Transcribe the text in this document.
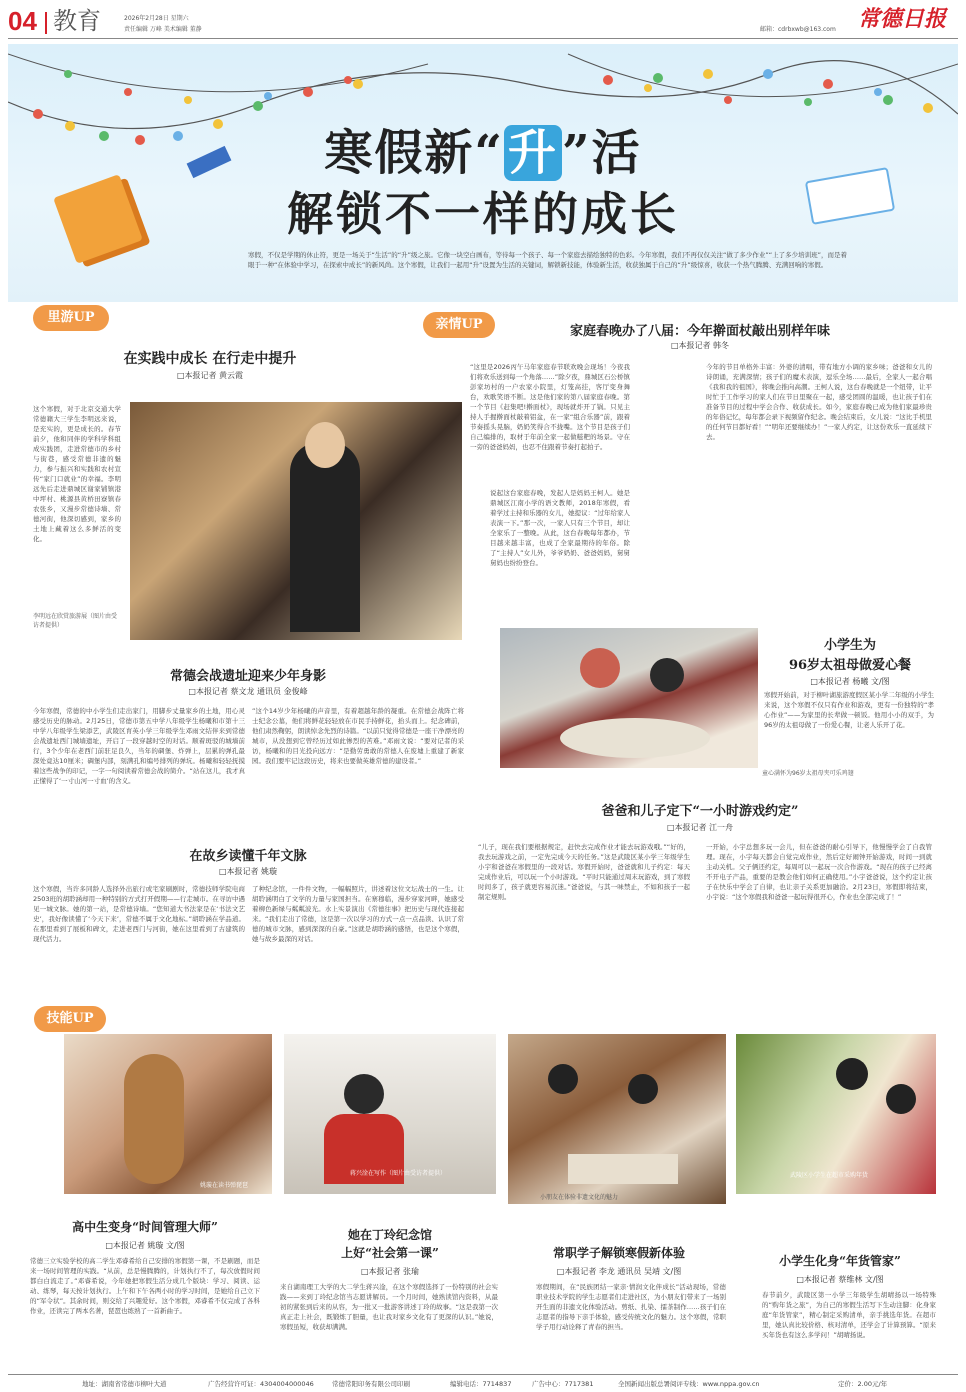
04 教育	2026年2月28日 星期六
责任编辑 万峰 美术编辑 董静	邮箱：cdrbxwb@163.com 常德日报
寒假新“升”活
解锁不一样的成长
寒假，不仅是学期的休止符，更是一场关于“生活”的“升”级之旅。它像一块空白画布，等待每一个孩子、每一个家庭去描绘独特的色彩。今年寒假，我们不再仅仅关注“做了多少作业”“上了多少培训班”，而是着眼于一种“在体验中学习，在探索中成长”的新风尚。这个寒假，让我们一起用“升”设置为生活的关键词，解锁新技能，体验新生活，收获独属于自己的“升”级惊喜，收获一个热气腾腾、充满回响的寒假。
里游UP	亲情UP
技能UP
在实践中成长 在行走中提升
□本报记者 黄云霞
这个寒假，对于北京交通大学常德籍大三学生李明远来说，是充实的，更是成长的。春节前夕，他和同伴的学科学科组成实践团，走进常德市的乡村与街巷，感受常德非遗的魅力，参与振兴和实践和农村宣传“家门口就业”的幸福。李明远先后走进鼎城区谢家铺镇港中坪村、桃源县黄桥田寮镇春农张乡，又漫步常德诗墙、常德河街，他深切感到，家乡的土地上藏着这么多鲜活的变化。
李明远在欣赏旅游展（图片由受访者提供）
常德会战遗址迎来少年身影
□本报记者 蔡文龙 通讯员 金俊峰
今年寒假，常德的中小学生们走出家门，用脚步丈量家乡的土地，用心灵感受历史的脉动。2月25日，常德市第五中学八年级学生杨曦和市第十三中学八年级学生梁添艺，武陵区育英小学三年级学生邓雨文结伴来到常德会战遗址西门城墙遗址，开启了一段穿越时空的对话。顺着斑驳的城墙前行，3个少年在老西门前驻足良久，当年的碉堡、炸弹上，层累的弹孔最深处竟达10厘米；碉堡内部，刻满孔和编号排列的弹坑。杨曦和轻轻抚摸着这些战争的印记，一字一句阅读着常德会战的简介。“站在这儿，我才真正懂得了‘一寸山河一寸血’的含义。
”这个14岁少年杨曦的声音里，有着超越年龄的凝重。在常德会战阵亡将士纪念公墓，他们将鲜花轻轻放在市民手持鲜花，抬头而上。纪念碑前，他们肃然鞠躬，朗读悼念先烈的诗篇。“以前只觉得常德是一座干净漂亮的城市，从没想到它曾经历过如此惨烈的苦难。”邓雨文说：“要对记者的采访，杨曦和的目光投向远方：“是勤劳勇敢的常德人在废墟上重建了新家园。我们要牢记这段历史，将来也要做英雄常德的建设者。”
在故乡读懂千年文脉
□本报记者 姚璇
这个寒假，当许多同龄人选择外出旅行或宅家刷剧时，常德技师学院电商2503班的胡聆涵却用一种特别的方式打开假期——行走城市。在寻访中遇见一城文脉。她的第一站，是常德诗墙。“您知道大书法家是在‘书法文艺史’，我好像读懂了‘今天下来’，常德不属于文化地标。”胡聆涵在学品道。在那里看到了展板和碑文，走进老西门与河街，她在这里看到了古建筑的现代活力。
了种纪念馆，一件件文物，一幅幅照片，讲述着这位文坛战士的一生。让胡聆涵明白了文学的力量与家国担当。在寨穆临，漫步穿家河畔，她感受着柳色新绿与粼粼波光。水上实景演出《常德往事》把历史与现代连接起来。“我们走出了常德，这是第一次以学习的方式一点一点品读、认识了常德的城市文脉，感到深深的自豪。”这就是胡聆涵的感悟，也是这个寒假，她与故乡最深的对话。
家庭春晚办了八届：今年擀面杖敲出别样年味
□本报记者 韩冬
“这里是2026丙午马年家庭春节联欢晚会现场！今夜我们将欢乐送到每一个角落……”除夕夜，鼎城区石公桥镇彭家坊村的一户农家小院里，灯笼高挂，客厅变身舞台，欢歌笑语不断。这是他们家的第八届家庭春晚。第一个节目《赶集吧!擀面杖》，现场就炸开了锅。只见主持人手握擀面杖敲着铝盆，在一家“组合乐器”前，跟着节奏摇头晃脑，奶奶笑得合不拢嘴。这个节目是孩子们自己编排的，取材于年前全家一起做糍粑的场景。守在一旁的爸爸妈妈，也忍不住跟着节奏打起拍子。
说起这台家庭春晚，发起人是妈妈王柯人。她是鼎城区江南小学的语文教师，2018年寒假，看着学过主持和乐器的女儿，她提议：“过年给家人表演一下。”那一次，一家人只有三个节目，却让全家乐了一整晚。从此，这台春晚每年都办，节目越来越丰富，也成了全家最期待的年俗。除了“主持人”女儿外，爷爷奶奶、爸爸妈妈，舅舅舅妈也纷纷登台。
今年的节目单格外丰富：外婆的清唱，带有地方小调的家乡味；爸爸和女儿的诗朗诵，充满深情；孩子们的魔术表演，逗乐全场……最后，全家人一起合唱《我和我的祖国》，将晚会推向高潮。王柯人说，这台春晚就是一个纽带，让平时忙于工作学习的家人们在节日里聚在一起，感受团圆的温暖，也让孩子们在准备节目的过程中学会合作、收获成长。如今，家庭春晚已成为他们家最珍贵的年俗记忆，每年都会录下视频留作纪念。晚会结束后，女儿说：“这比手机里的任何节目都好看！”“明年还要继续办！”一家人约定，让这份欢乐一直延续下去。
童心满怀为96岁太祖母夹可乐鸡翅
小学生为
96岁太祖母做爱心餐
□本报记者 杨曦 文/图
寒假开始前，对于柳叶湖旅游度假区某小学二年级的小学生来说，这个寒假不仅只有作业和游戏，更有一份独特的“孝心作业”——为家里的长辈做一顿饭。他用小小的双手，为96岁的太祖母做了一份爱心餐，让老人乐开了花。
爸爸和儿子定下“一小时游戏约定”
□本报记者 江一舟
“儿子，现在我们要根据规定，赶快去完成作业才能去玩游戏哦。”“好的，我去玩游戏之前，一定先完成今天的任务。”这是武陵区某小学三年级学生小宇和爸爸在寒假里的一段对话。寒假开始时，爸爸就和儿子约定：每天完成作业后，可以玩一个小时游戏。“平时只能通过周末玩游戏，到了寒假时间多了，孩子就更容易沉迷。”爸爸说，与其一味禁止，不如和孩子一起制定规则。
一开始，小宇总想多玩一会儿，但在爸爸的耐心引导下，他慢慢学会了自我管理。现在，小宇每天都会自觉完成作业，然后定好闹钟开始游戏，时间一到就主动关机。父子俩还约定，每周可以一起玩一次合作游戏。“现在的孩子已经离不开电子产品，重要的是教会他们如何正确使用。”小宇爸爸说，这个约定让孩子在快乐中学会了自律，也让亲子关系更加融洽。2月23日，寒假即将结束，小宇说：“这个寒假我和爸爸一起玩得很开心，作业也全部完成了！”
姚璇在读书弹琵琶
蒋兴淦在写作（图片由受访者提供）
小朋友在体验非遗文化的魅力
武陵区小学生在超市采购年货
高中生变身“时间管理大师”
□本报记者 姚璇 文/图
常德三立实验学校的高二学生邓睿希给自己安排的寒假第一课，不是刷题，而是来一场时间管理的实践。“从前，总是慢腾腾的，计划执行不了，每次放假时间都白白流走了。”邓睿希说，今年她把寒假生活分成几个版块：学习、阅读、运动、练琴，每天按计划执行。上午和下午各两小时的学习时间，是她给自己立下的“军令状”。其余时间，则交给了兴趣爱好。这个寒假，邓睿希不仅完成了各科作业，还读完了两本名著，琵琶也练熟了一首新曲子。
她在丁玲纪念馆
上好“社会第一课”
□本报记者 张瑜
来自湖南理工大学的大二学生蒋兴淦，在这个寒假选择了一份特别的社会实践——来到丁玲纪念馆当志愿讲解员。一个月时间，她熟读馆内资料，从最初的紧张到后来的从容，为一批又一批游客讲述丁玲的故事。“这是我第一次真正走上社会，既锻炼了胆量，也让我对家乡文化有了更深的认识。”她说，寒假虽短，收获却满满。
常职学子解锁寒假新体验
□本报记者 李龙 通讯员 吴靖 文/图
寒假期间，在“民族团结一家亲·情润文化伴成长”活动现场，常德职业技术学院的学生志愿者们走进社区，为小朋友们带来了一场别开生面的非遗文化体验活动。剪纸、扎染、擂茶制作……孩子们在志愿者的指导下亲手体验，感受传统文化的魅力。这个寒假，常职学子用行动诠释了青春的担当。
小学生化身“年货管家”
□本报记者 蔡维林 文/图
春节前夕，武陵区第一小学三年级学生胡晴扬以一场特殊的“购年货之旅”，为自己的寒假生活写下生动注脚：化身家庭“年货管家”，精心制定采购清单，亲手挑选年货。在超市里，她认真比较价格、核对清单，还学会了计算预算。“原来买年货也有这么多学问！”胡晴扬说。
地址：湖南省常德市柳叶大道	广告经营许可证：4304004000046	常德常阳印务有限公司印刷	编辑电话：7714837	广告中心：7717381	全国新闻出版总署阅评专线：www.nppa.gov.cn	定价：2.00元/年
